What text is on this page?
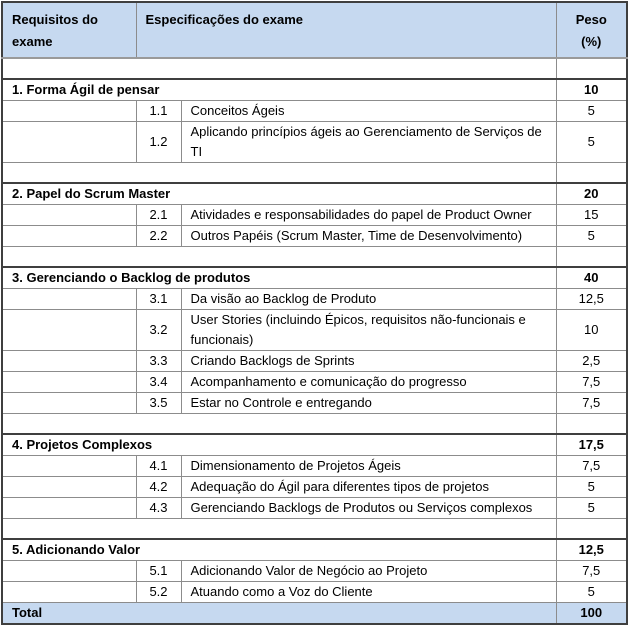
Requisitos do exame	Especificações do exame		Peso (%)

1. Forma Ágil de pensar			10
	1.1	Conceitos Ágeis	5
	1.2	Aplicando princípios ágeis ao Gerenciamento de Serviços de TI	5

2. Papel do Scrum Master			20
	2.1	Atividades e responsabilidades do papel de Product Owner	15
	2.2	Outros Papéis (Scrum Master, Time de Desenvolvimento)	5

3. Gerenciando o Backlog de produtos			40
	3.1	Da visão ao Backlog de Produto	12,5
	3.2	User Stories (incluindo Épicos, requisitos não-funcionais e funcionais)	10
	3.3	Criando Backlogs de Sprints	2,5
	3.4	Acompanhamento e comunicação do progresso	7,5
	3.5	Estar no Controle e entregando	7,5

4. Projetos Complexos			17,5
	4.1	Dimensionamento de Projetos Ágeis	7,5
	4.2	Adequação do Ágil para diferentes tipos de projetos	5
	4.3	Gerenciando Backlogs de Produtos ou Serviços complexos	5

5. Adicionando Valor			12,5
	5.1	Adicionando Valor de Negócio ao Projeto	7,5
	5.2	Atuando como a Voz do Cliente	5
Total			100
